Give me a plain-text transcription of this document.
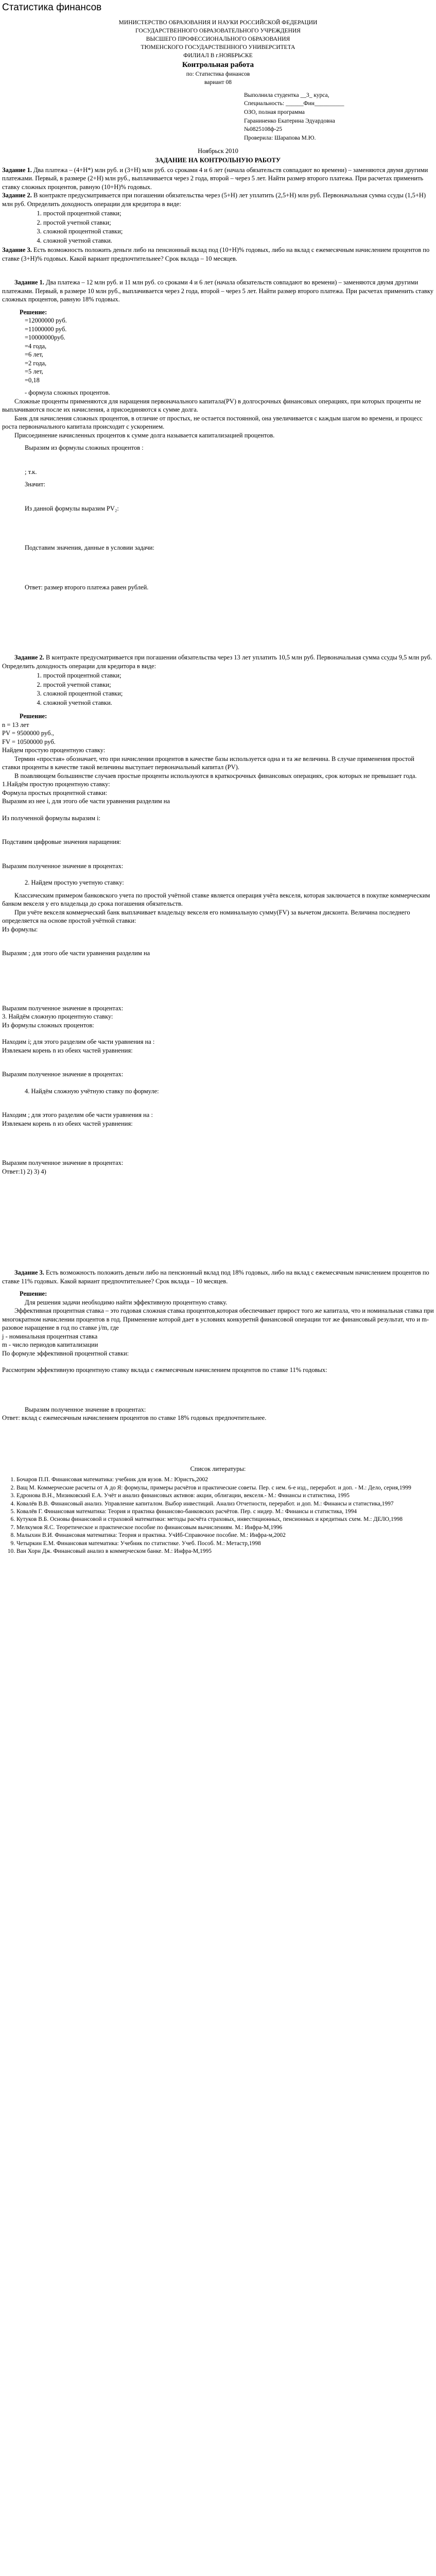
Статистика финансов

МИНИСТЕРСТВО ОБРАЗОВАНИЯ И НАУКИ РОССИЙСКОЙ ФЕДЕРАЦИИ

ГОСУДАРСТВЕННОГО ОБРАЗОВАТЕЛЬНОГО УЧРЕЖДЕНИЯ

ВЫСШЕГО ПРОФЕССИОНАЛЬНОГО ОБРАЗОВАНИЯ

ТЮМЕНСКОГО ГОСУДАРСТВЕННОГО УНИВЕРСИТЕТА

ФИЛИАЛ В г.НОЯБРЬСКЕ

Контрольная работа

по: Статистика финансов

вариант 08

Выполнила студентка __3_ курса,

Специальность: ______Фин__________

ОЗО, полная программа

Гараниненко Екатерина Эдуардовна

№0825108ф-25

Проверила: Шарапова М.Ю.

Ноябрьск 2010

ЗАДАНИЕ НА КОНТРОЛЬНУЮ РАБОТУ

Задание 1. Два платежа – (4+Н*) млн руб. и (3+Н) млн руб. со сроками 4 и 6 лет (начала обязательств совпадают во времени) – заменяются двумя другими платежами. Первый, в размере (2+Н) млн руб., выплачивается через 2 года, второй – через 5 лет. Найти размер второго платежа. При расчетах применить ставку сложных процентов, равную (10+Н)% годовых.

Задание 2. В контракте предусматривается при погашении обязательства через (5+Н) лет уплатить (2,5+Н) млн руб. Первоначальная сумма ссуды (1,5+Н) млн руб. Определить доходность операции для кредитора в виде:

1. простой процентной ставки;
2. простой учетной ставки;
3. сложной процентной ставки;
4. сложной учетной ставки.

Задание 3. Есть возможность положить деньги либо на пенсионный вклад под (10+Н)% годовых, либо на вклад с ежемесячным начислением процентов по ставке (3+Н)% годовых. Какой вариант предпочтительнее? Срок вклада – 10 месяцев.

Задание 1. Два платежа – 12 млн руб. и 11 млн руб. со сроками 4 и 6 лет (начала обязательств совпадают во времени) – заменяются двумя другими платежами. Первый, в размере 10 млн руб., выплачивается через 2 года, второй – через 5 лет. Найти размер второго платежа. При расчетах применить ставку сложных процентов, равную 18% годовых.

Решение:

=12000000 руб.

=11000000 руб.

=10000000руб.

=4 года,

=6 лет,

=2 года,

=5 лет,

=0,18

- формула сложных процентов.

Сложные проценты применяются для наращения первоначального капитала(PV) в долгосрочных финансовых операциях, при которых проценты не выплачиваются после их начисления, а присоединяются к сумме долга.

Банк для начисления сложных процентов, в отличие от простых, не остается постоянной, она увеличивается с каждым шагом во времени, и процесс роста первоначального капитала происходит с ускорением.

Присоединение начисленных процентов к сумме долга называется капитализацией процентов.

Выразим из формулы сложных процентов :

; т.к.

Значит:

Из данной формулы выразим PV₂:

Подставим значения, данные в условии задачи:

Ответ: размер второго платежа равен рублей.

Задание 2. В контракте предусматривается при погашении обязательства через 13 лет уплатить 10,5 млн руб. Первоначальная сумма ссуды 9,5 млн руб. Определить доходность операции для кредитора в виде:

1. простой процентной ставки;
2. простой учетной ставки;
3. сложной процентной ставки;
4. сложной учетной ставки.

Решение:

n = 13 лет

PV = 9500000 руб.,

FV = 10500000 руб.

Найдем простую процентную ставку:

Термин «простая» обозначает, что при начислении процентов в качестве базы используется одна и та же величина. В случае применения простой ставки проценты в качестве такой величины выступает первоначальный капитал (PV).

В поавляющем большинстве случаев простые проценты используются в краткосрочных финансовых операциях, срок которых не превышает года.

1.Найдём простую процентную ставку:

Формула простых процентной ставки:

Выразим из нее i, для этого обе части уравнения разделим на

Из полученной формулы выразим i:

Подставим цифровые значения наращения:

Выразим полученное значение в процентах:

2. Найдем простую учетную ставку:

Классическим примером банковского учета по простой учётной ставке является операция учёта векселя, которая заключается в покупке коммерческим банком векселя у его владельца до срока погашения обязательств.

При учёте векселя коммерческий банк выплачивает владельцу векселя его номинальную сумму(FV) за вычетом дисконта. Величина последнего определяется на основе простой учётной ставки:

Из формулы:

Выразим ; для этого обе части уравнения разделим на

Выразим полученное значение в процентах:

3. Найдём сложную процентную ставку:

Из формулы сложных процентов:

Находим i; для этого разделим обе части уравнения на :

Извлекаем корень n из обеих частей уравнения:

Выразим полученное значение в процентах:

4. Найдём сложную учётную ставку по формуле:

Находим ; для этого разделим обе части уравнения на :

Извлекаем корень n из обеих частей уравнения:

Выразим полученное значение в процентах:

Ответ:1) 2) 3) 4)

Задание 3. Есть возможность положить деньги либо на пенсионный вклад под 18% годовых, либо на вклад с ежемесячным начислением процентов по ставке 11% годовых. Какой вариант предпочтительнее? Срок вклада – 10 месяцев.

Решение:

Для решения задачи необходимо найти эффективную процентную ставку.

Эффективная процентная ставка – это годовая сложная ставка процентов,которая обеспечивает прирост того же капитала, что и номинальная ставка при многократном начислении процентов в год. Применение которой дает в условиях конкуретнй финансовой операции тот же финансовый результат, что и m-разовое наращение в год по ставке j/m, где

j - номинальная процентная ставка

m - число периодов капитализации

По формуле эффективной процентной ставки:

Рассмотрим эффективную процентную ставку вклада с ежемесячным начислением процентов по ставке 11% годовых:

Выразим полученное значение в процентах:

Ответ: вклад с ежемесячным начислением процентов по ставке 18% годовых предпочтительнее.

Список литературы:

1. Бочаров П.П. Финансовая математика: учебник для вузов. М.: Юристъ,2002
2. Ващ М. Коммерческие расчеты от А до Я: формулы, примеры расчётов и практические советы. Пер. с нем. 6-е изд., переработ. и доп. - М.: Дело, серия,1999
3. Едронова В.Н., Мизиковский Е.А. Учёт и анализ финансовых активов: акции, облигации, векселя.- М.: Финансы и статистика, 1995
4. Ковалёв В.В. Финансовый анализ. Управление капиталом. Выбор инвестиций. Анализ Отчетности, переработ. и доп. М.: Финансы и статистика,1997
5. Ковалёв Г. Финансовая математика: Теория и практика финансово-банковских расчётов. Пер. с нидер. М.: Финансы и статистика, 1994
6. Кутуков В.Б. Основы финансовой и страховой математики: методы расчёта страховых, инвестиционных, пенсионных и кредитных схем. М.: ДЕЛО,1998
7. Мелкумов Я.С. Теоретическое и практическое пособие по финансовым вычислениям. М.: Инфра-М,1996
8. Малыхин В.И. Финансовая математика: Теория и практика. УчИб-Справочное пособие. М.: Инфра-м,2002
9. Четыркин Е.М. Финансовая математика: Учебник по статистике. Учеб. Пособ. М.: Метастр,1998
10. Ван Хорн Дж. Финансовый анализ в коммерческом банке. М.: Инфра-М,1995
